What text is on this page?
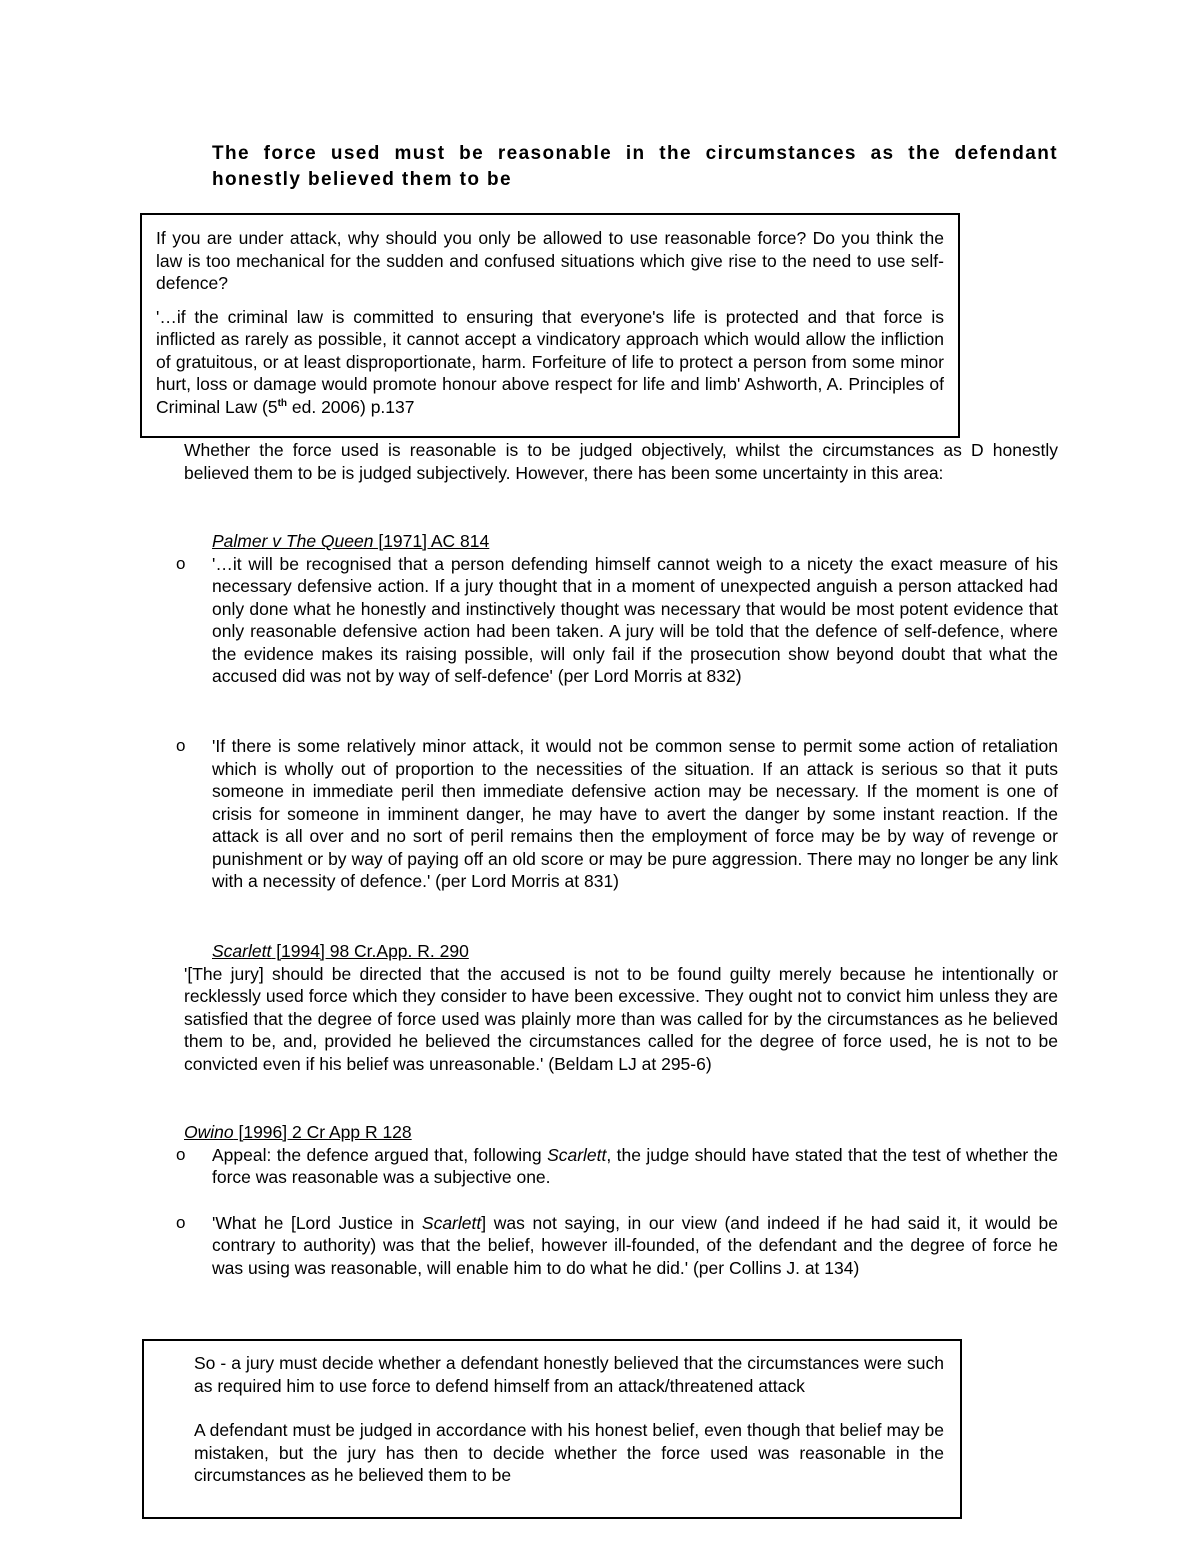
The force used must be reasonable in the circumstances as the defendant honestly believed them to be

If you are under attack, why should you only be allowed to use reasonable force? Do you think the law is too mechanical for the sudden and confused situations which give rise to the need to use self-defence?

'…if the criminal law is committed to ensuring that everyone's life is protected and that force is inflicted as rarely as possible, it cannot accept a vindicatory approach which would allow the infliction of gratuitous, or at least disproportionate, harm. Forfeiture of life to protect a person from some minor hurt, loss or damage would promote honour above respect for life and limb' Ashworth, A. Principles of Criminal Law (5th ed. 2006) p.137

Whether the force used is reasonable is to be judged objectively, whilst the circumstances as D honestly believed them to be is judged subjectively. However, there has been some uncertainty in this area:

Palmer v The Queen [1971] AC 814

o '…it will be recognised that a person defending himself cannot weigh to a nicety the exact measure of his necessary defensive action. If a jury thought that in a moment of unexpected anguish a person attacked had only done what he honestly and instinctively thought was necessary that would be most potent evidence that only reasonable defensive action had been taken. A jury will be told that the defence of self-defence, where the evidence makes its raising possible, will only fail if the prosecution show beyond doubt that what the accused did was not by way of self-defence' (per Lord Morris at 832)

o 'If there is some relatively minor attack, it would not be common sense to permit some action of retaliation which is wholly out of proportion to the necessities of the situation. If an attack is serious so that it puts someone in immediate peril then immediate defensive action may be necessary. If the moment is one of crisis for someone in imminent danger, he may have to avert the danger by some instant reaction. If the attack is all over and no sort of peril remains then the employment of force may be by way of revenge or punishment or by way of paying off an old score or may be pure aggression. There may no longer be any link with a necessity of defence.' (per Lord Morris at 831)

Scarlett [1994] 98 Cr.App. R. 290

'[The jury] should be directed that the accused is not to be found guilty merely because he intentionally or recklessly used force which they consider to have been excessive. They ought not to convict him unless they are satisfied that the degree of force used was plainly more than was called for by the circumstances as he believed them to be, and, provided he believed the circumstances called for the degree of force used, he is not to be convicted even if his belief was unreasonable.' (Beldam LJ at 295-6)

Owino [1996] 2 Cr App R 128

o Appeal: the defence argued that, following Scarlett, the judge should have stated that the test of whether the force was reasonable was a subjective one.

o 'What he [Lord Justice in Scarlett] was not saying, in our view (and indeed if he had said it, it would be contrary to authority) was that the belief, however ill-founded, of the defendant and the degree of force he was using was reasonable, will enable him to do what he did.' (per Collins J. at 134)

So - a jury must decide whether a defendant honestly believed that the circumstances were such as required him to use force to defend himself from an attack/threatened attack

A defendant must be judged in accordance with his honest belief, even though that belief may be mistaken, but the jury has then to decide whether the force used was reasonable in the circumstances as he believed them to be
